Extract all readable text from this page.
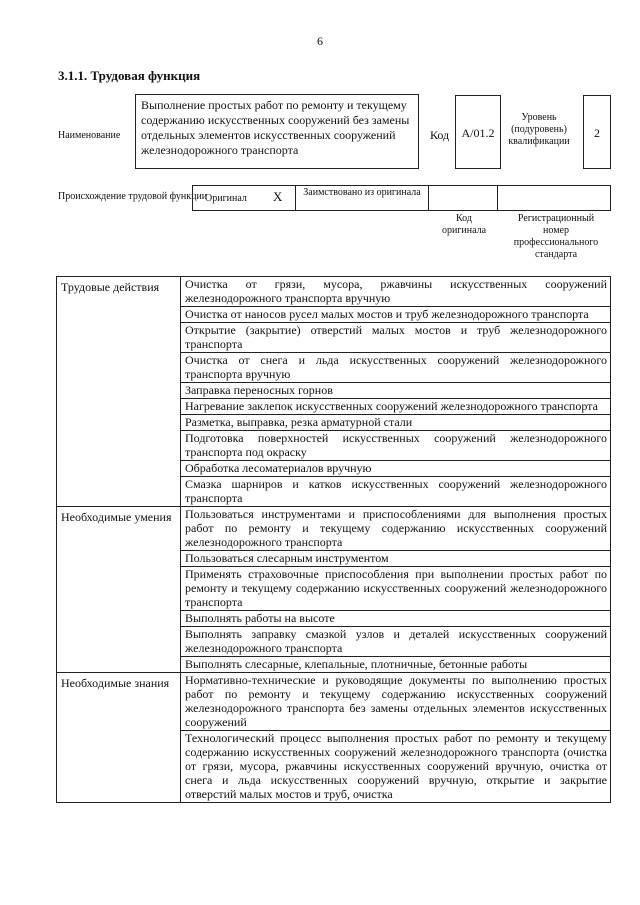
6
3.1.1. Трудовая функция
Наименование
Выполнение простых работ по ремонту и текущему содержанию искусственных сооружений без замены отдельных элементов искусственных сооружений железнодорожного транспорта
Код	А/01.2
Уровень (подуровень) квалификации
2
Происхождение трудовой функции
Оригинал X	Заимствовано из оригинала
Код оригинала
Регистрационный номер профессионального стандарта
Трудовые действия	Очистка от грязи, мусора, ржавчины искусственных сооружений железнодорожного транспорта вручную
	Очистка от наносов русел малых мостов и труб железнодорожного транспорта
	Открытие (закрытие) отверстий малых мостов и труб железнодорожного транспорта
	Очистка от снега и льда искусственных сооружений железнодорожного транспорта вручную
	Заправка переносных горнов
	Нагревание заклепок искусственных сооружений железнодорожного транспорта
	Разметка, выправка, резка арматурной стали
	Подготовка поверхностей искусственных сооружений железнодорожного транспорта под окраску
	Обработка лесоматериалов вручную
	Смазка шарниров и катков искусственных сооружений железнодорожного транспорта
Необходимые умения	Пользоваться инструментами и приспособлениями для выполнения простых работ по ремонту и текущему содержанию искусственных сооружений железнодорожного транспорта
	Пользоваться слесарным инструментом
	Применять страховочные приспособления при выполнении простых работ по ремонту и текущему содержанию искусственных сооружений железнодорожного транспорта
	Выполнять работы на высоте
	Выполнять заправку смазкой узлов и деталей искусственных сооружений железнодорожного транспорта
	Выполнять слесарные, клепальные, плотничные, бетонные работы
Необходимые знания	Нормативно-технические и руководящие документы по выполнению простых работ по ремонту и текущему содержанию искусственных сооружений железнодорожного транспорта без замены отдельных элементов искусственных сооружений
	Технологический процесс выполнения простых работ по ремонту и текущему содержанию искусственных сооружений железнодорожного транспорта (очистка от грязи, мусора, ржавчины искусственных сооружений вручную, очистка от снега и льда искусственных сооружений вручную, открытие и закрытие отверстий малых мостов и труб, очистка
